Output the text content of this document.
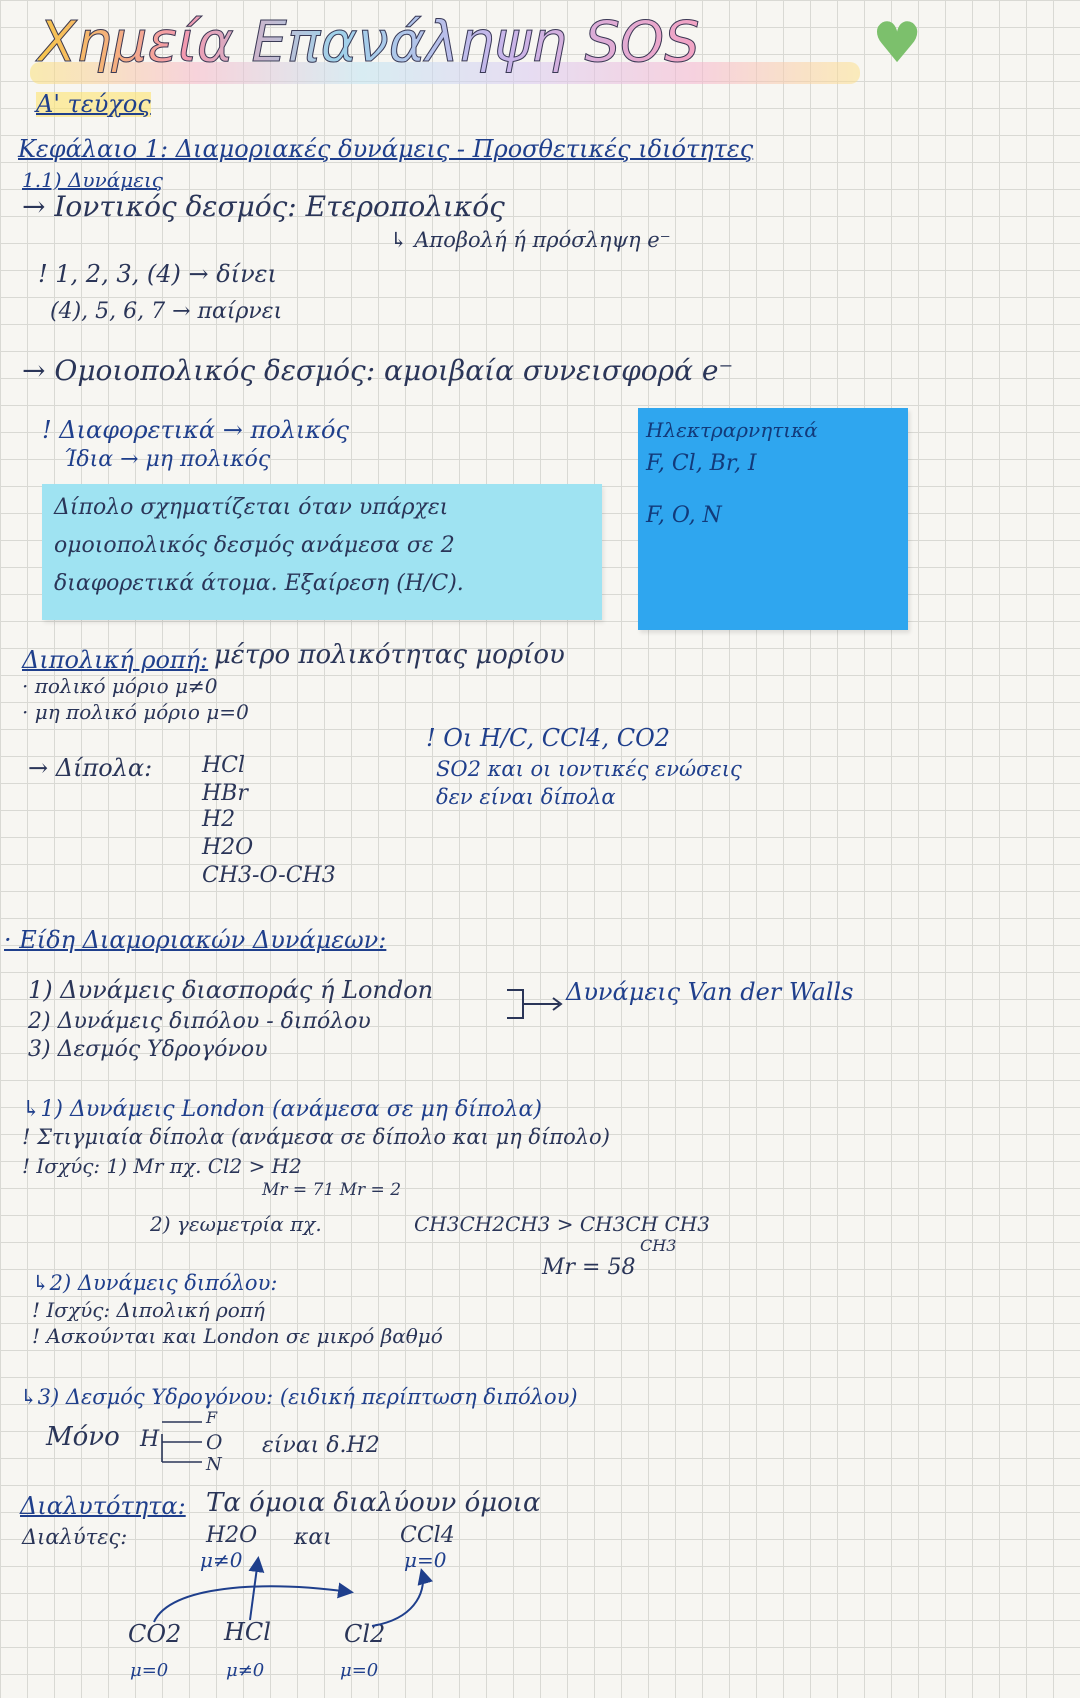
Χημεία Επανάληψη SOS	♥
Α' τεύχος
Κεφάλαιο 1: Διαμοριακές δυνάμεις - Προσθετικές ιδιότητες
1.1) Δυνάμεις
→ Ιοντικός δεσμός: Ετεροπολικός
↳ Αποβολή ή πρόσληψη e⁻
! 1, 2, 3, (4) → δίνει
(4), 5, 6, 7 → παίρνει
→ Ομοιοπολικός δεσμός: αμοιβαία συνεισφορά e⁻
! Διαφορετικά → πολικός
Ίδια → μη πολικός
Δίπολο σχηματίζεται όταν υπάρχει
ομοιοπολικός δεσμός ανάμεσα σε 2
διαφορετικά άτομα. Εξαίρεση (H/C).
Ηλεκτραρνητικά
F, Cl, Br, I
F, O, N
Διπολική ροπή: μέτρο πολικότητας μορίου
· πολικό μόριο μ≠0
· μη πολικό μόριο μ=0
→ Δίπολα: HCl
HBr
H2
H2O
CH3-O-CH3
! Οι H/C, CCl4, CO2
SO2 και οι ιοντικές ενώσεις
δεν είναι δίπολα
· Είδη Διαμοριακών Δυνάμεων:
1) Δυνάμεις διασποράς ή London
2) Δυνάμεις διπόλου - διπόλου
3) Δεσμός Υδρογόνου
Δυνάμεις Van der Walls
↳1) Δυνάμεις London (ανάμεσα σε μη δίπολα)
! Στιγμιαία δίπολα (ανάμεσα σε δίπολο και μη δίπολο)
! Ισχύς: 1) Mr πχ. Cl2 > H2
Mr = 71 Mr = 2
2) γεωμετρία πχ.	CH3CH2CH3 > CH3CH CH3
CH3
Mr = 58
↳2) Δυνάμεις διπόλου:
! Ισχύς: Διπολική ροπή
! Ασκούνται και London σε μικρό βαθμό
↳3) Δεσμός Υδρογόνου: (ειδική περίπτωση διπόλου)
Μόνο H
F
O
N
είναι δ.Η2
Διαλυτότητα: Τα όμοια διαλύουν όμοια
Διαλύτες:	H2O και	CCl4
μ≠0	μ=0
CO2 HCl	Cl2
μ=0	μ≠0	μ=0
